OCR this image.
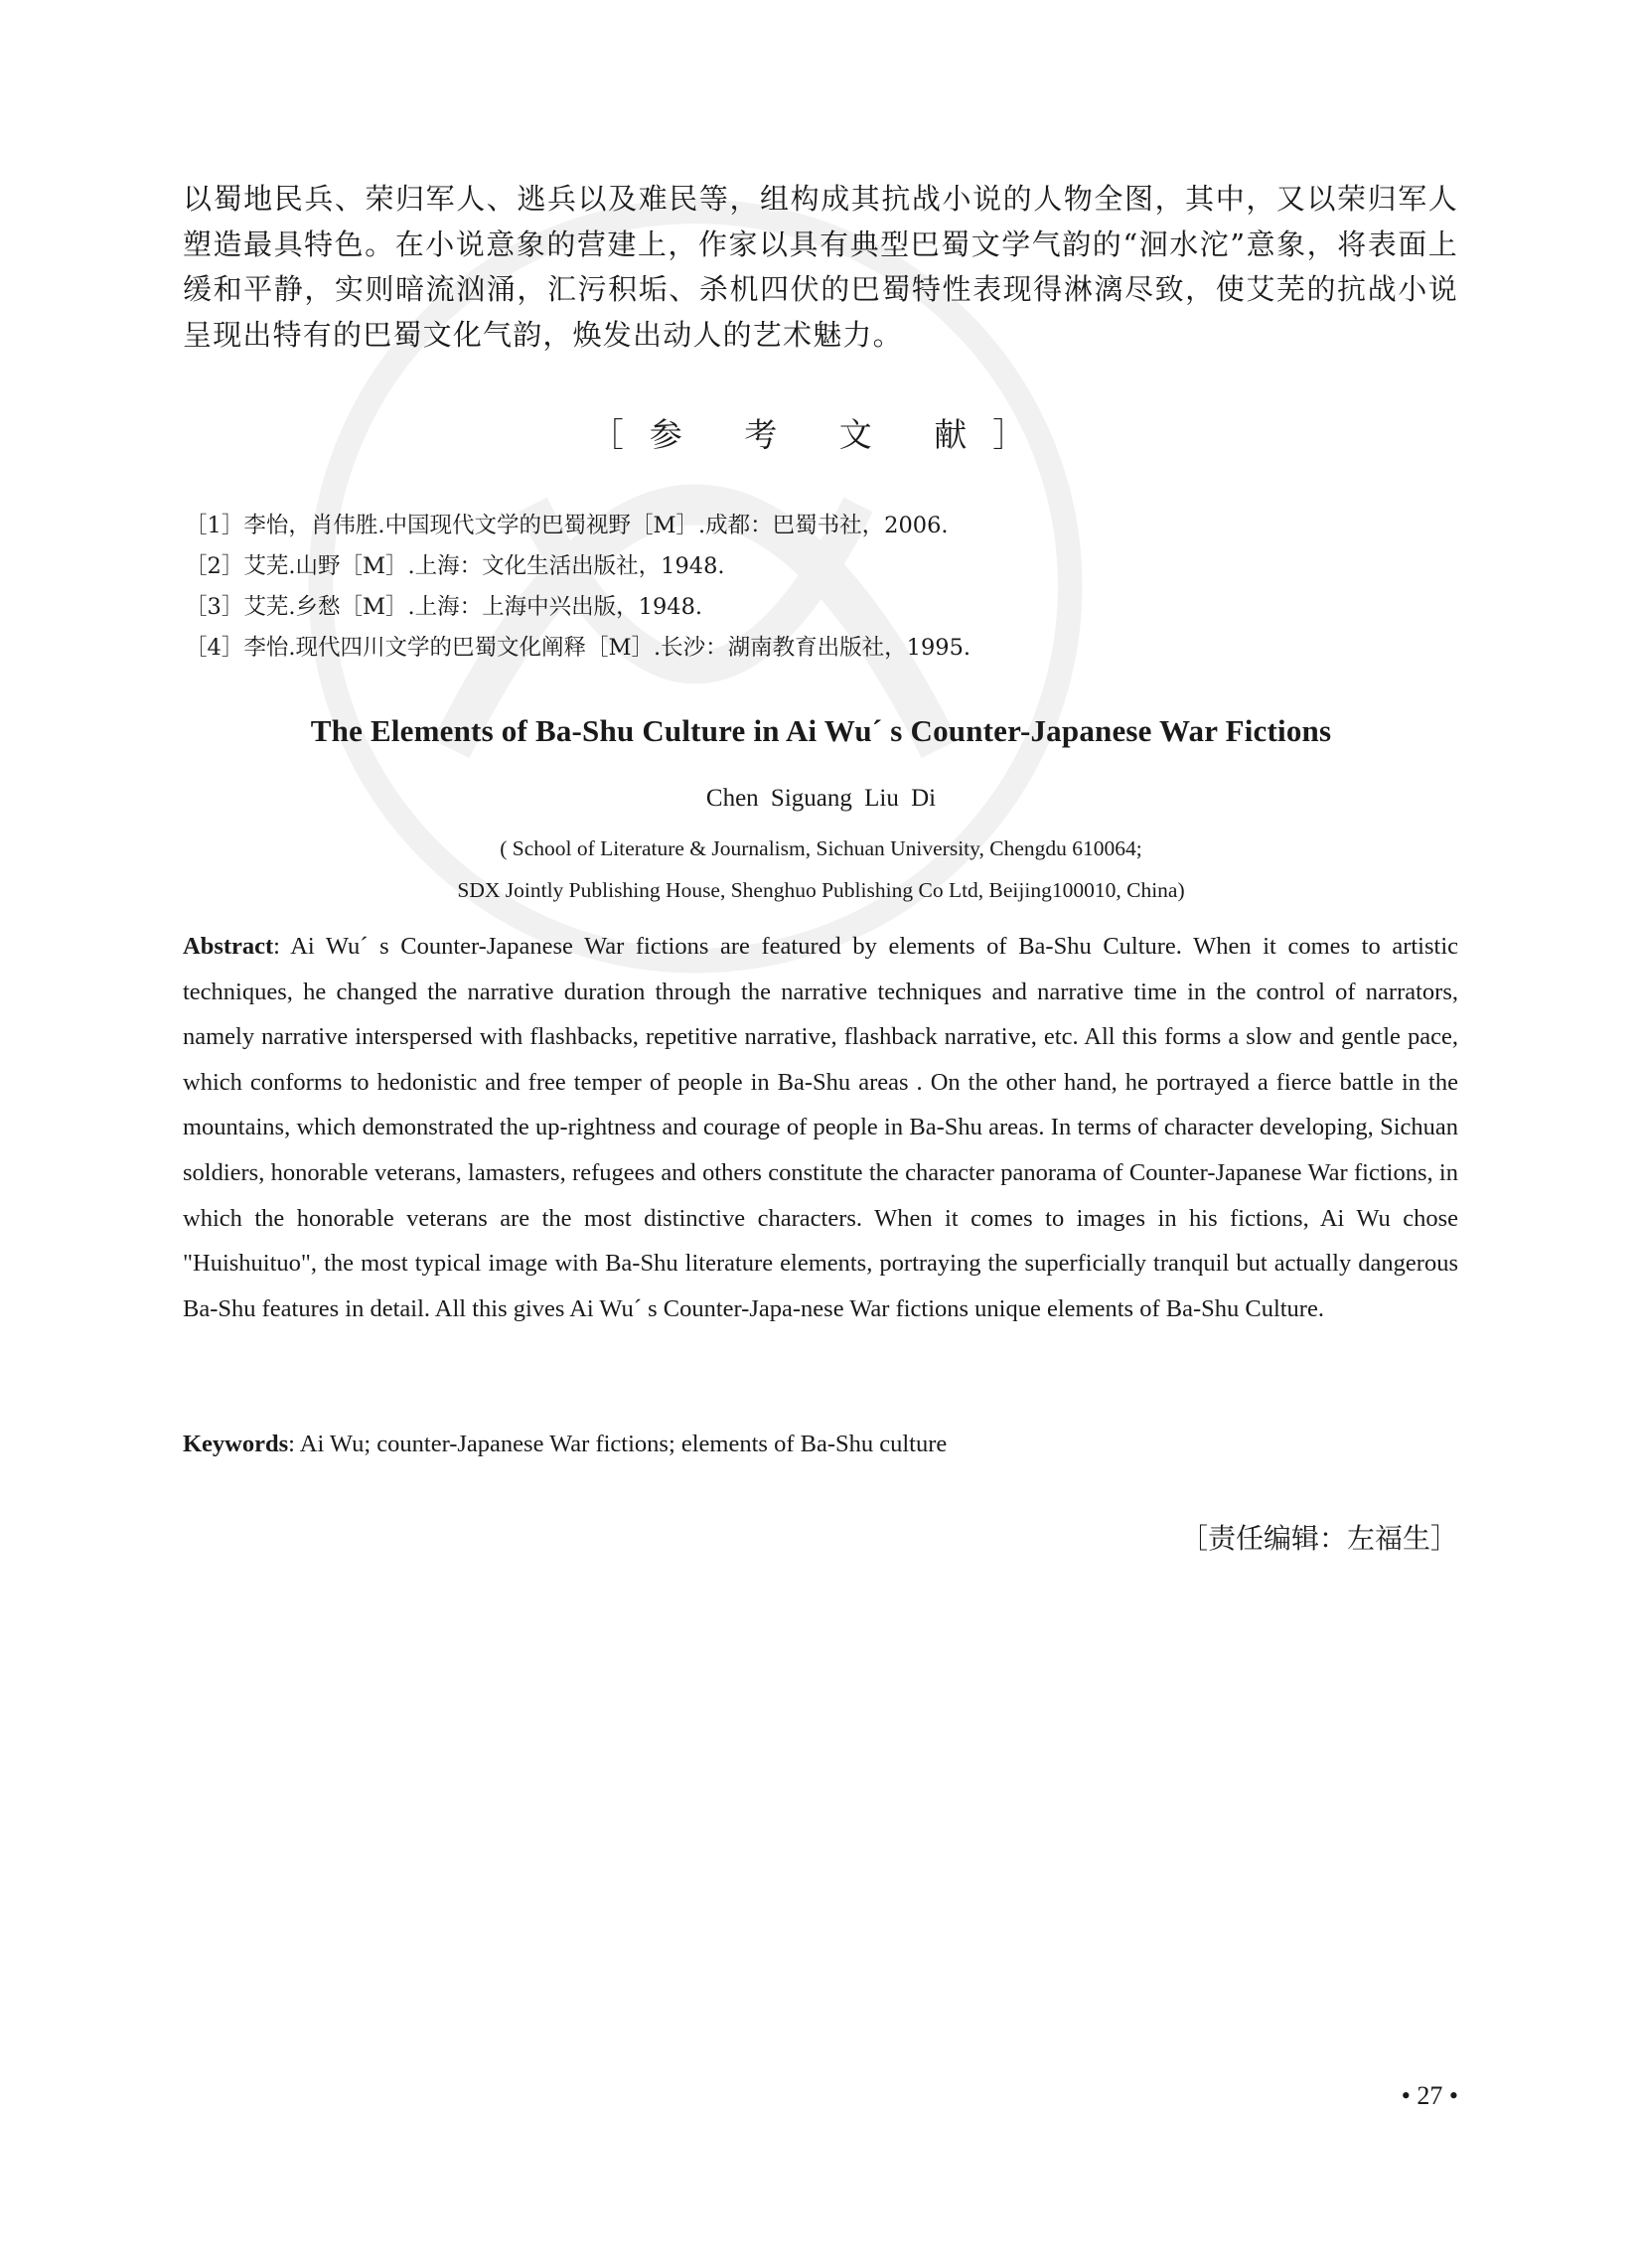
以蜀地民兵、荣归军人、逃兵以及难民等，组构成其抗战小说的人物全图，其中，又以荣归军人塑造最具特色。在小说意象的营建上，作家以具有典型巴蜀文学气韵的“洄水沱”意象，将表面上缓和平静，实则暗流汹涌，汇污积垢、杀机四伏的巴蜀特性表现得淋漓尽致，使艾芜的抗战小说呈现出特有的巴蜀文化气韵，焕发出动人的艺术魅力。

［参 考 文 献］
［1］李怡，肖伟胜.中国现代文学的巴蜀视野［M］.成都：巴蜀书社，2006.
［2］艾芜.山野［M］.上海：文化生活出版社，1948.
［3］艾芜.乡愁［M］.上海：上海中兴出版，1948.
［4］李怡.现代四川文学的巴蜀文化阐释［M］.长沙：湖南教育出版社，1995.
The Elements of Ba-Shu Culture in Ai Wu´ s Counter-Japanese War Fictions
Chen Siguang Liu Di
( School of Literature & Journalism, Sichuan University, Chengdu 610064;
SDX Jointly Publishing House, Shenghuo Publishing Co Ltd, Beijing100010, China)

Abstract: Ai Wu´ s Counter-Japanese War fictions are featured by elements of Ba-Shu Culture. When it comes to artistic techniques, he changed the narrative duration through the narrative techniques and narrative time in the control of narrators, namely narrative interspersed with flashbacks, repetitive narrative, flashback narrative, etc. All this forms a slow and gentle pace, which conforms to hedonistic and free temper of people in Ba-Shu areas . On the other hand, he portrayed a fierce battle in the mountains, which demonstrated the up-rightness and courage of people in Ba-Shu areas. In terms of character developing, Sichuan soldiers, honorable veterans, lamasters, refugees and others constitute the character panorama of Counter-Japanese War fictions, in which the honorable veterans are the most distinctive characters. When it comes to images in his fictions, Ai Wu chose "Huishuituo", the most typical image with Ba-Shu literature elements, portraying the superficially tranquil but actually dangerous Ba-Shu features in detail. All this gives Ai Wu´ s Counter-Japa-nese War fictions unique elements of Ba-Shu Culture.

Keywords: Ai Wu; counter-Japanese War fictions; elements of Ba-Shu culture

［责任编辑：左福生］
• 27 •
